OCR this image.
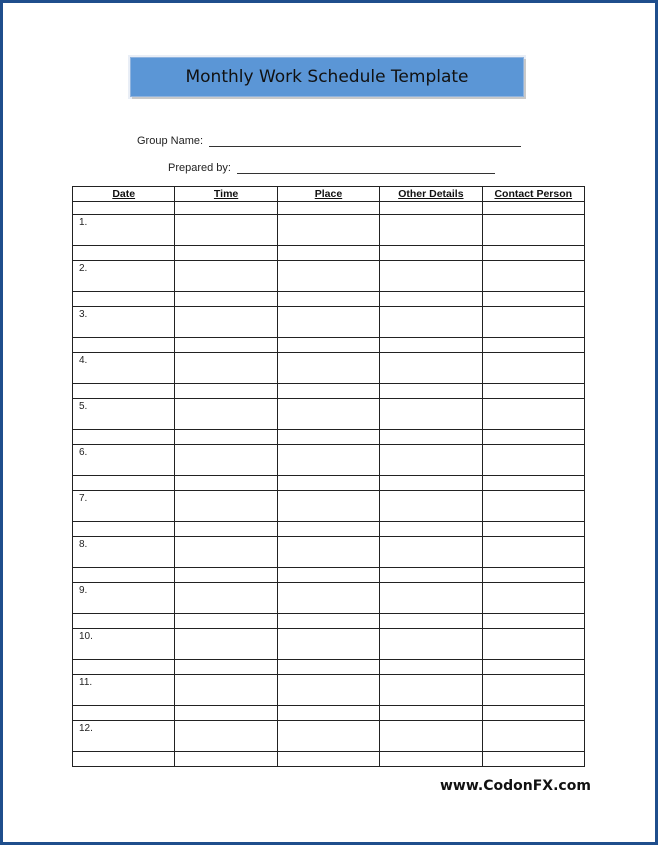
Monthly Work Schedule Template
Group Name:
Prepared by:
Date	Time	Place	Other Details	Contact Person

1.				

2.				

3.				

4.				

5.				

6.				

7.				

8.				

9.				

10.				

11.				

12.				

www.CodonFX.com
